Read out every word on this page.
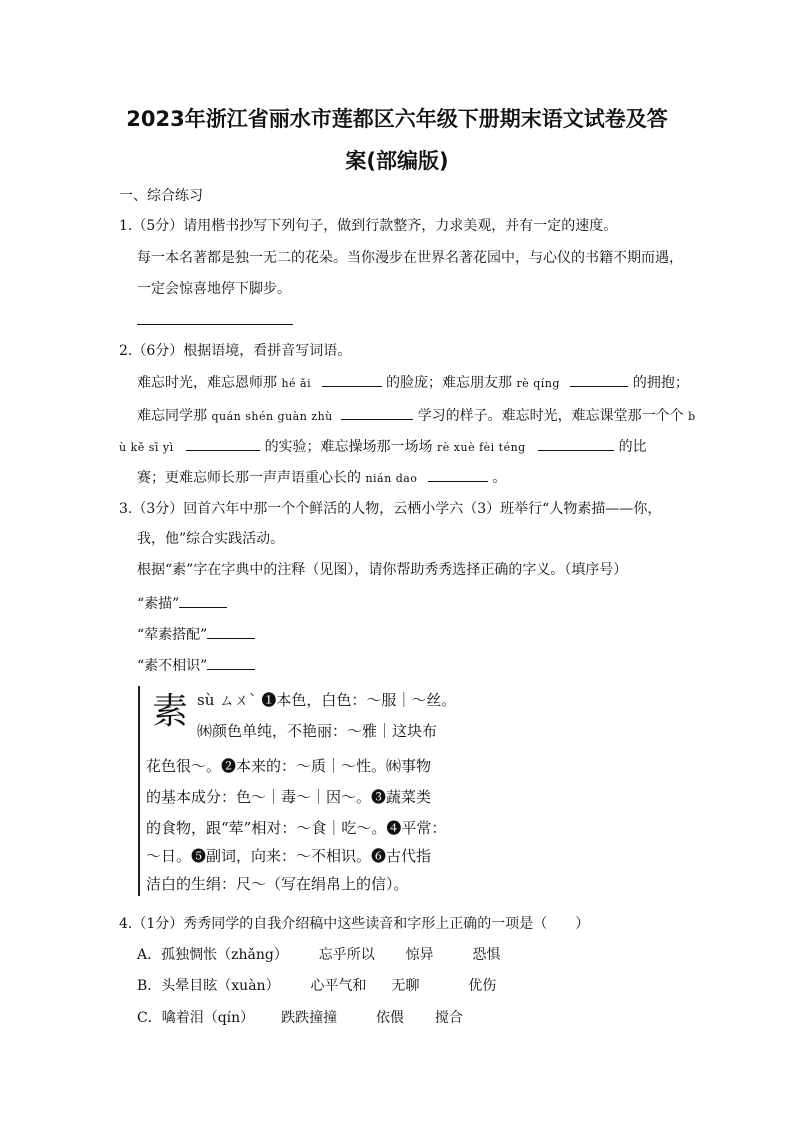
2023年浙江省丽水市莲都区六年级下册期末语文试卷及答
案(部编版)
一、综合练习
1.（5分）请用楷书抄写下列句子，做到行款整齐，力求美观，并有一定的速度。
每一本名著都是独一无二的花朵。当你漫步在世界名著花园中，与心仪的书籍不期而遇，
一定会惊喜地停下脚步。
2.（6分）根据语境，看拼音写词语。
难忘时光，难忘恩师那 hé ǎi	的脸庞；难忘朋友那 rè qíng	的拥抱；
难忘同学那 quán shén guàn zhù	学习的样子。难忘时光，难忘课堂那一个个 b
ù kě sī yì	的实验；难忘操场那一场场 rè xuè fèi téng	的比
赛；更难忘师长那一声声语重心长的 nián dao	。
3.（3分）回首六年中那一个个鲜活的人物，云栖小学六（3）班举行“人物素描——你，
我，他”综合实践活动。
根据“素”字在字典中的注释（见图），请你帮助秀秀选择正确的字义。（填序号）
“素描”
“荤素搭配”
“素不相识”
素 sù ㄙㄨˋ ❶本色，白色：～服｜～丝。
㉁颜色单纯，不艳丽：～雅｜这块布
花色很～。❷本来的：～质｜～性。㉁事物
的基本成分：色～｜毒～｜因～。❸蔬菜类
的食物，跟“荤”相对：～食｜吃～。❹平常：
～日。❺副词，向来：～不相识。❻古代指
洁白的生绢：尺～（写在绢帛上的信）。
4.（1分）秀秀同学的自我介绍稿中这些读音和字形上正确的一项是（　　）
A．孤独惆怅（zhǎng） 忘乎所以 惊异	恐惧
B．头晕目眩（xuàn） 心平气和 无聊	优伤
C．噙着泪（qín） 跌跌撞撞	依偎 搅合
